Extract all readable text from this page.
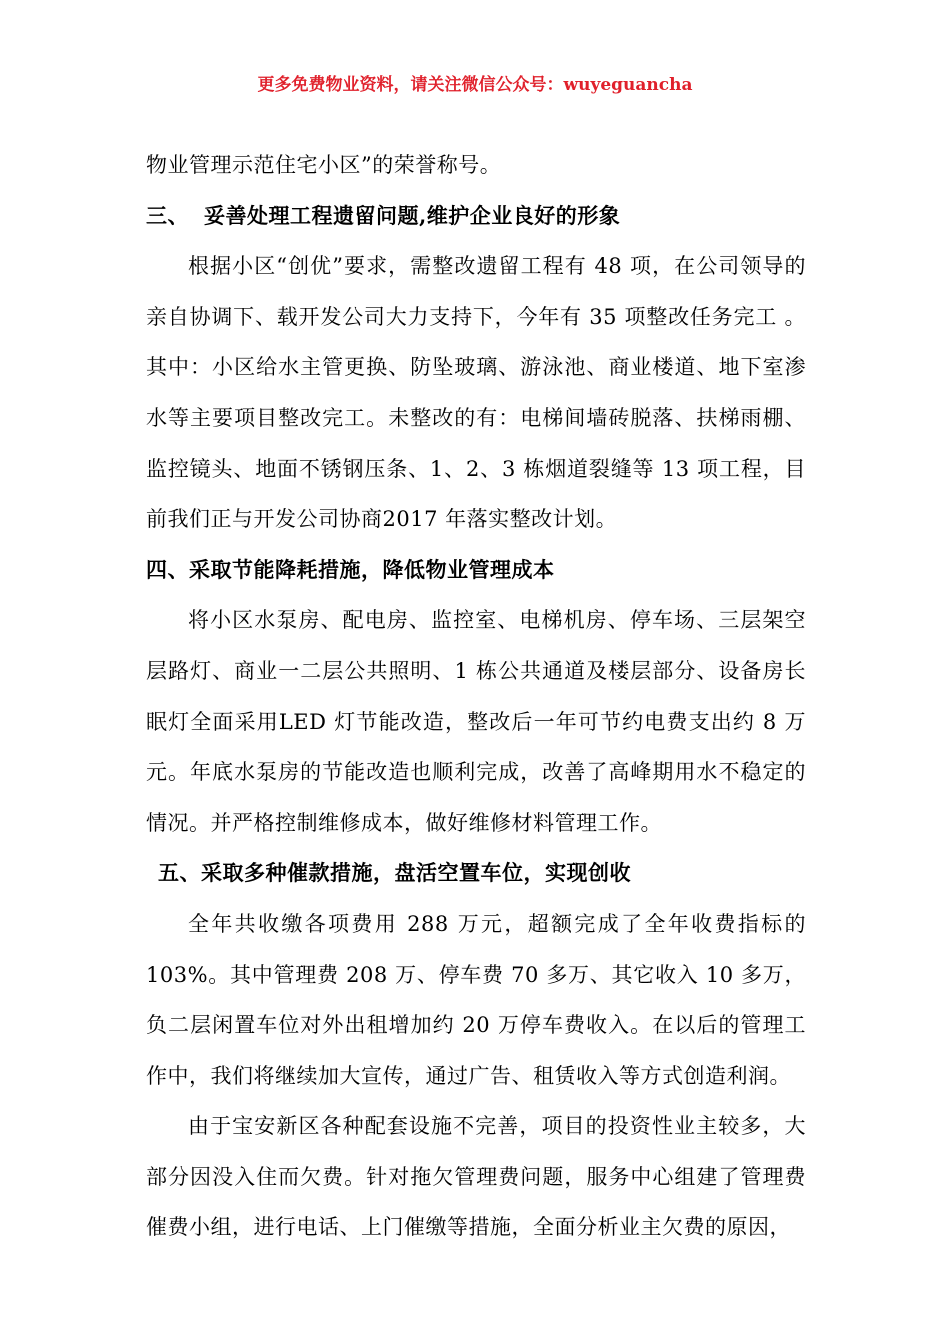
更多免费物业资料，请关注微信公众号：wuyeguancha

物业管理示范住宅小区”的荣誉称号。

三、 妥善处理工程遗留问题,维护企业良好的形象

根据小区“创优”要求，需整改遗留工程有 48 项，在公司领导的亲自协调下、载开发公司大力支持下，今年有 35 项整改任务完工 。其中：小区给水主管更换、防坠玻璃、游泳池、商业楼道、地下室渗水等主要项目整改完工。未整改的有：电梯间墙砖脱落、扶梯雨棚、监控镜头、地面不锈钢压条、1、2、3 栋烟道裂缝等 13 项工程，目前我们正与开发公司协商2017 年落实整改计划。

四、采取节能降耗措施，降低物业管理成本

将小区水泵房、配电房、监控室、电梯机房、停车场、三层架空层路灯、商业一二层公共照明、1 栋公共通道及楼层部分、设备房长眠灯全面采用LED 灯节能改造，整改后一年可节约电费支出约 8 万元。年底水泵房的节能改造也顺利完成，改善了高峰期用水不稳定的情况。并严格控制维修成本，做好维修材料管理工作。

五、采取多种催款措施，盘活空置车位，实现创收

全年共收缴各项费用 288 万元，超额完成了全年收费指标的103%。其中管理费 208 万、停车费 70 多万、其它收入 10 多万，负二层闲置车位对外出租增加约 20 万停车费收入。在以后的管理工作中，我们将继续加大宣传，通过广告、租赁收入等方式创造利润。

由于宝安新区各种配套设施不完善，项目的投资性业主较多，大部分因没入住而欠费。针对拖欠管理费问题，服务中心组建了管理费催费小组，进行电话、上门催缴等措施，全面分析业主欠费的原因，
